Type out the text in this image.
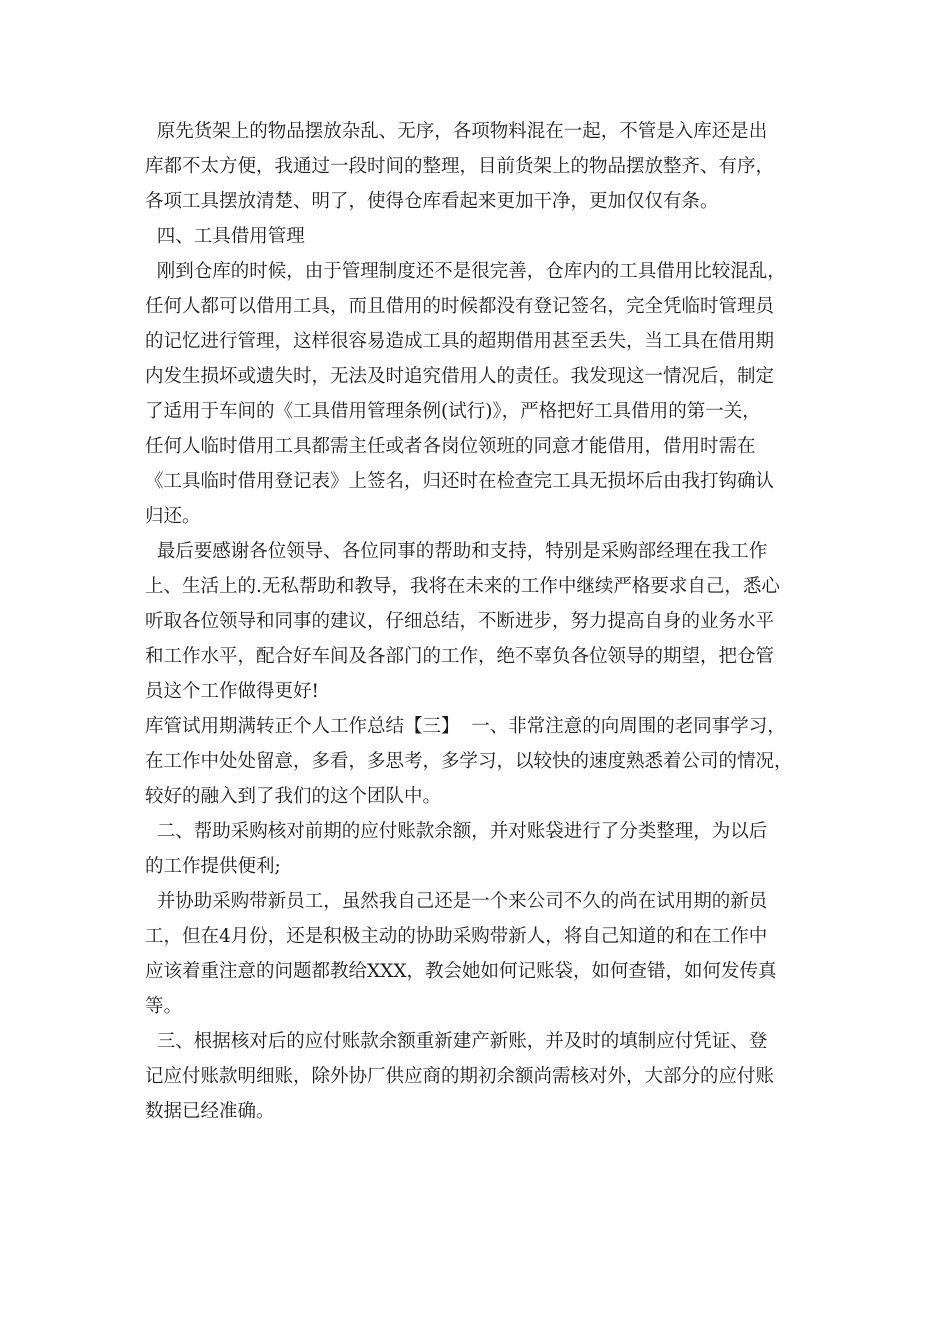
原先货架上的物品摆放杂乱、无序，各项物料混在一起，不管是入库还是出
库都不太方便，我通过一段时间的整理，目前货架上的物品摆放整齐、有序，
各项工具摆放清楚、明了，使得仓库看起来更加干净，更加仅仅有条。
四、工具借用管理
刚到仓库的时候，由于管理制度还不是很完善，仓库内的工具借用比较混乱，
任何人都可以借用工具，而且借用的时候都没有登记签名，完全凭临时管理员
的记忆进行管理，这样很容易造成工具的超期借用甚至丢失，当工具在借用期
内发生损坏或遗失时，无法及时追究借用人的责任。我发现这一情况后，制定
了适用于车间的《工具借用管理条例(试行)》，严格把好工具借用的第一关，
任何人临时借用工具都需主任或者各岗位领班的同意才能借用，借用时需在
《工具临时借用登记表》上签名，归还时在检查完工具无损坏后由我打钩确认
归还。
最后要感谢各位领导、各位同事的帮助和支持，特别是采购部经理在我工作
上、生活上的.无私帮助和教导，我将在未来的工作中继续严格要求自己，悉心
听取各位领导和同事的建议，仔细总结，不断进步，努力提高自身的业务水平
和工作水平，配合好车间及各部门的工作，绝不辜负各位领导的期望，把仓管
员这个工作做得更好!
库管试用期满转正个人工作总结【三】  一、非常注意的向周围的老同事学习，
在工作中处处留意，多看，多思考，多学习，以较快的速度熟悉着公司的情况，
较好的融入到了我们的这个团队中。
二、帮助采购核对前期的应付账款余额，并对账袋进行了分类整理，为以后
的工作提供便利;
并协助采购带新员工，虽然我自己还是一个来公司不久的尚在试用期的新员
工，但在4月份，还是积极主动的协助采购带新人，将自己知道的和在工作中
应该着重注意的问题都教给XXX，教会她如何记账袋，如何查错，如何发传真
等。
三、根据核对后的应付账款余额重新建产新账，并及时的填制应付凭证、登
记应付账款明细账，除外协厂供应商的期初余额尚需核对外，大部分的应付账
数据已经准确。
